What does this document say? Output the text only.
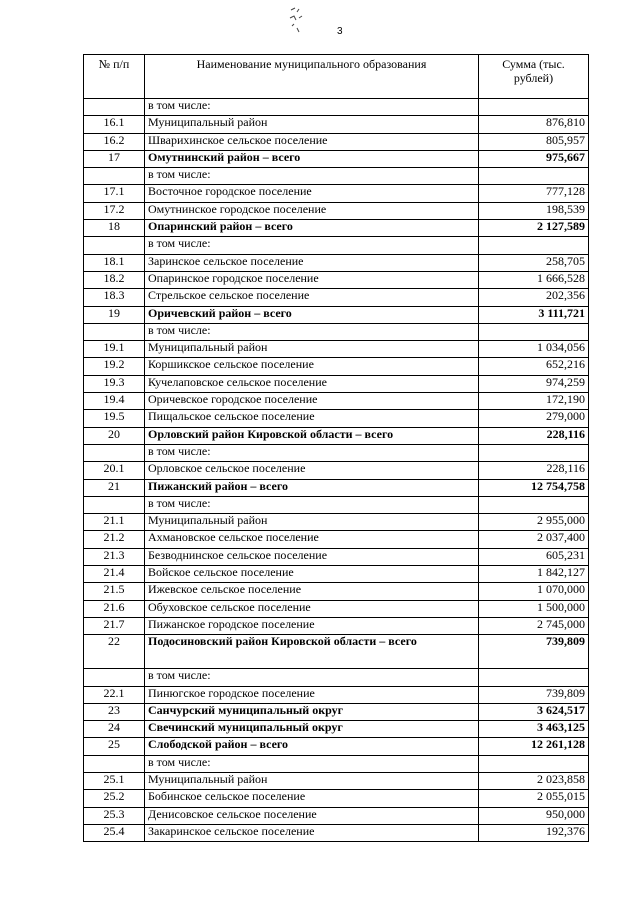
3
№ п/п	Наименование муниципального образования	Сумма (тыс. рублей)
	в том числе:	
16.1	Муниципальный район	876,810
16.2	Шварихинское сельское поселение	805,957
17	Омутнинский район – всего	975,667
	в том числе:	
17.1	Восточное городское поселение	777,128
17.2	Омутнинское городское поселение	198,539
18	Опаринский район – всего	2 127,589
	в том числе:	
18.1	Заринское сельское поселение	258,705
18.2	Опаринское городское поселение	1 666,528
18.3	Стрельское сельское поселение	202,356
19	Оричевский район – всего	3 111,721
	в том числе:	
19.1	Муниципальный район	1 034,056
19.2	Коршикское сельское поселение	652,216
19.3	Кучелаповское сельское поселение	974,259
19.4	Оричевское городское поселение	172,190
19.5	Пищальское сельское поселение	279,000
20	Орловский район Кировской области – всего	228,116
	в том числе:	
20.1	Орловское сельское поселение	228,116
21	Пижанский район – всего	12 754,758
	в том числе:	
21.1	Муниципальный район	2 955,000
21.2	Ахмановское сельское поселение	2 037,400
21.3	Безводнинское сельское поселение	605,231
21.4	Войское сельское поселение	1 842,127
21.5	Ижевское сельское поселение	1 070,000
21.6	Обуховское сельское поселение	1 500,000
21.7	Пижанское городское поселение	2 745,000
22	Подосиновский район Кировской области – всего	739,809
	в том числе:	
22.1	Пинюгское городское поселение	739,809
23	Санчурский муниципальный округ	3 624,517
24	Свечинский муниципальный округ	3 463,125
25	Слободской район – всего	12 261,128
	в том числе:	
25.1	Муниципальный район	2 023,858
25.2	Бобинское сельское поселение	2 055,015
25.3	Денисовское сельское поселение	950,000
25.4	Закаринское сельское поселение	192,376
